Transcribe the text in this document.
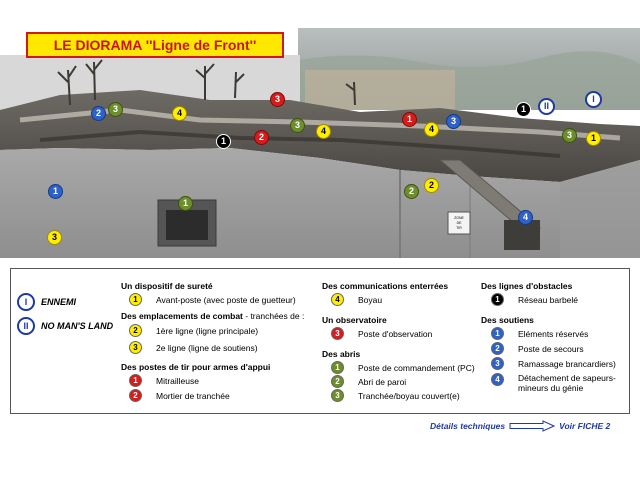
ZONE
DE
TIR
LE DIORAMA ''Ligne de Front''
2	3	4
3
1	2
3
4
1
4
3
1	II
I
3	1
1
1
3
2
2
4
I	ENNEMI
II	NO MAN'S LAND
Un dispositif de sureté
1	Avant-poste (avec poste de guetteur)
Des emplacements de combat - tranchées de :
2	1ère ligne (ligne principale)
3	2e ligne (ligne de soutiens)
Des postes de tir pour armes d'appui
1	Mitrailleuse
2	Mortier de tranchée
Des communications enterrées
4	Boyau
Un observatoire
3	Poste d'observation
Des abris
1	Poste de commandement (PC)
2	Abri de paroi
3	Tranchée/boyau couvert(e)
Des lignes d'obstacles
1	Réseau barbelé
Des soutiens
1	Eléments réservés
2	Poste de secours
3	Ramassage brancardiers)
4	Détachement de sapeurs-mineurs du génie
Détails techniques	Voir FICHE 2
